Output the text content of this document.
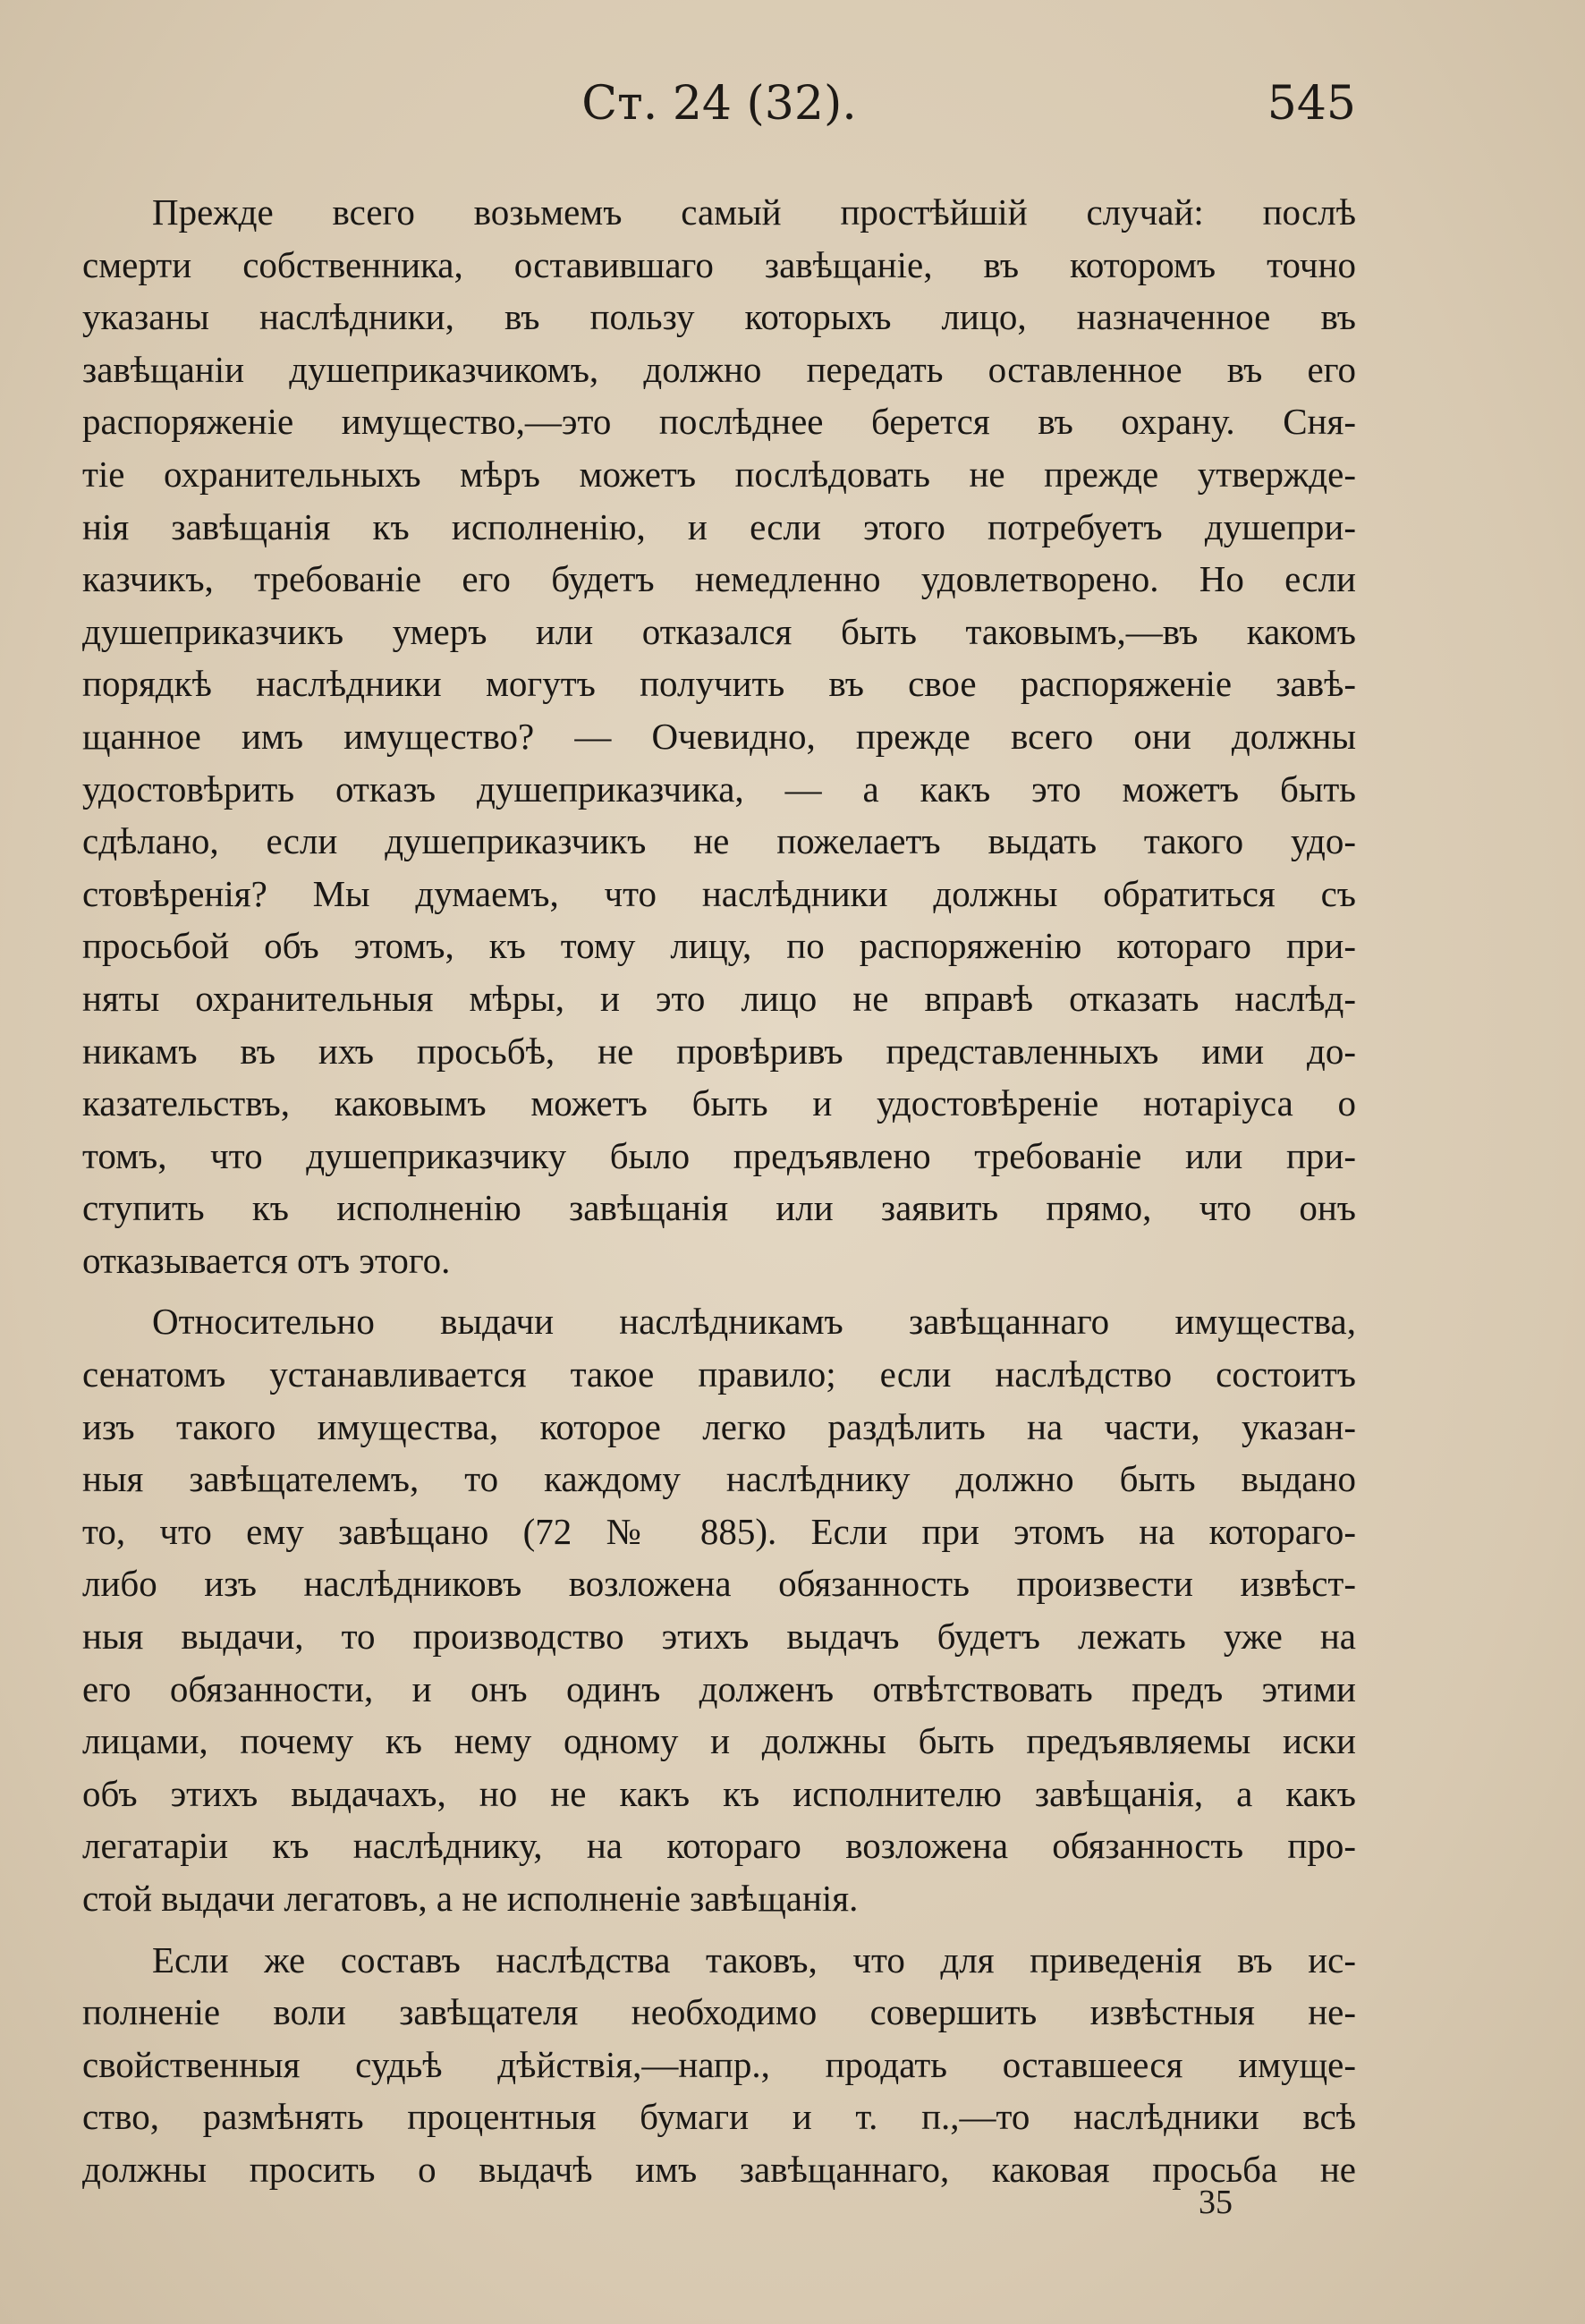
Ст. 24 (32).	545
Прежде всего возьмемъ самый простѣйшій случай: послѣ
смерти собственника, оставившаго завѣщаніе, въ которомъ точно
указаны наслѣдники, въ пользу которыхъ лицо, назначенное въ
завѣщаніи душеприказчикомъ, должно передать оставленное въ его
распоряженіе имущество,—это послѣднее берется въ охрану. Сня-
тіе охранительныхъ мѣръ можетъ послѣдовать не прежде утвержде-
нія завѣщанія къ исполненію, и если этого потребуетъ душепри-
казчикъ, требованіе его будетъ немедленно удовлетворено. Но если
душеприказчикъ умеръ или отказался быть таковымъ,—въ какомъ
порядкѣ наслѣдники могутъ получить въ свое распоряженіе завѣ-
щанное имъ имущество? — Очевидно, прежде всего они должны
удостовѣрить отказъ душеприказчика, — а какъ это можетъ быть
сдѣлано, если душеприказчикъ не пожелаетъ выдать такого удо-
стовѣренія? Мы думаемъ, что наслѣдники должны обратиться съ
просьбой объ этомъ, къ тому лицу, по распоряженію котораго при-
няты охранительныя мѣры, и это лицо не вправѣ отказать наслѣд-
никамъ въ ихъ просьбѣ, не провѣривъ представленныхъ ими до-
казательствъ, каковымъ можетъ быть и удостовѣреніе нотаріуса о
томъ, что душеприказчику было предъявлено требованіе или при-
ступить къ исполненію завѣщанія или заявить прямо, что онъ
отказывается отъ этого.
Относительно выдачи наслѣдникамъ завѣщаннаго имущества,
сенатомъ устанавливается такое правило; если наслѣдство состоитъ
изъ такого имущества, которое легко раздѣлить на части, указан-
ныя завѣщателемъ, то каждому наслѣднику должно быть выдано
то, что ему завѣщано (72 № 885). Если при этомъ на котораго-
либо изъ наслѣдниковъ возложена обязанность произвести извѣст-
ныя выдачи, то производство этихъ выдачъ будетъ лежать уже на
его обязанности, и онъ одинъ долженъ отвѣтствовать предъ этими
лицами, почему къ нему одному и должны быть предъявляемы иски
объ этихъ выдачахъ, но не какъ къ исполнителю завѣщанія, а какъ
легатаріи къ наслѣднику, на котораго возложена обязанность про-
стой выдачи легатовъ, а не исполненіе завѣщанія.
Если же составъ наслѣдства таковъ, что для приведенія въ ис-
полненіе воли завѣщателя необходимо совершить извѣстныя не-
свойственныя судьѣ дѣйствія,—напр., продать оставшееся имуще-
ство, размѣнять процентныя бумаги и т. п.,—то наслѣдники всѣ
должны просить о выдачѣ имъ завѣщаннаго, каковая просьба не
35
